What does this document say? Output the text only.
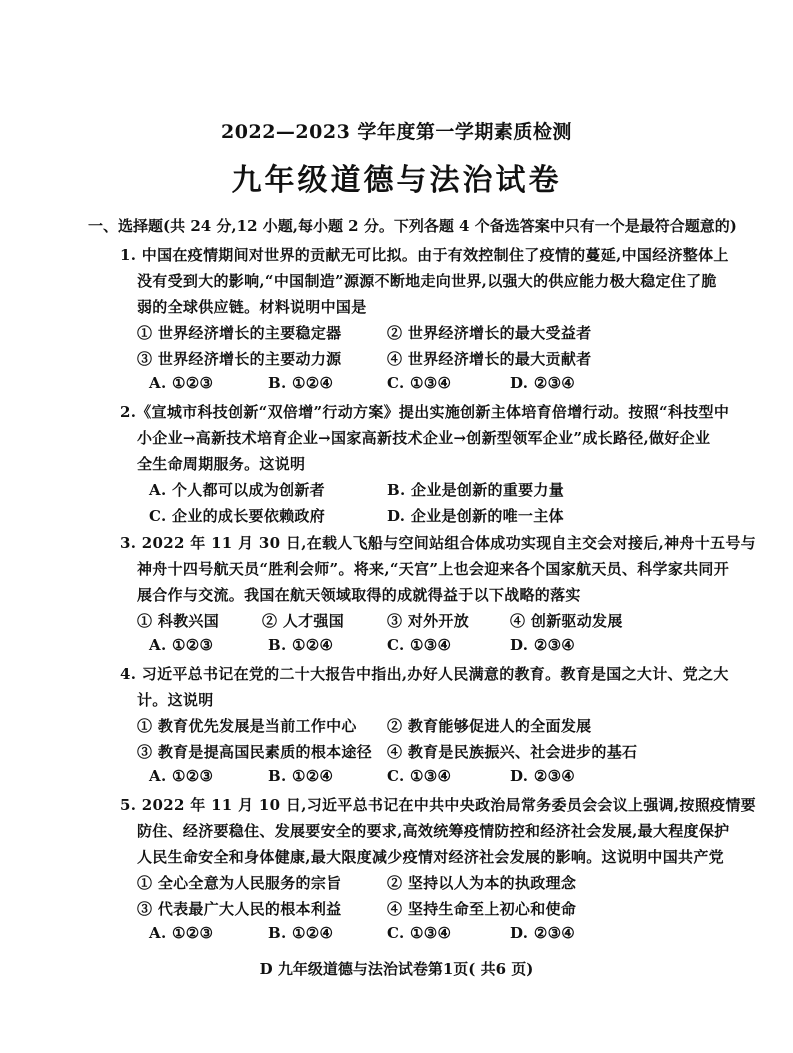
2022—2023 学年度第一学期素质检测
九年级道德与法治试卷
一、选择题(共 24 分,12 小题,每小题 2 分。下列各题 4 个备选答案中只有一个是最符合题意的)
1. 中国在疫情期间对世界的贡献无可比拟。由于有效控制住了疫情的蔓延,中国经济整体上
没有受到大的影响,“中国制造”源源不断地走向世界,以强大的供应能力极大稳定住了脆
弱的全球供应链。材料说明中国是
① 世界经济增长的主要稳定器	② 世界经济增长的最大受益者
③ 世界经济增长的主要动力源	④ 世界经济增长的最大贡献者
A. ①②③	B. ①②④	C. ①③④	D. ②③④
2.《宣城市科技创新“双倍增”行动方案》提出实施创新主体培育倍增行动。按照“科技型中
小企业→高新技术培育企业→国家高新技术企业→创新型领军企业”成长路径,做好企业
全生命周期服务。这说明
A. 个人都可以成为创新者	B. 企业是创新的重要力量
C. 企业的成长要依赖政府	D. 企业是创新的唯一主体
3. 2022 年 11 月 30 日,在载人飞船与空间站组合体成功实现自主交会对接后,神舟十五号与
神舟十四号航天员“胜利会师”。将来,“天宫”上也会迎来各个国家航天员、科学家共同开
展合作与交流。我国在航天领域取得的成就得益于以下战略的落实
① 科教兴国	② 人才强国	③ 对外开放	④ 创新驱动发展
A. ①②③	B. ①②④	C. ①③④	D. ②③④
4. 习近平总书记在党的二十大报告中指出,办好人民满意的教育。教育是国之大计、党之大
计。这说明
① 教育优先发展是当前工作中心 ② 教育能够促进人的全面发展
③ 教育是提高国民素质的根本途径 ④ 教育是民族振兴、社会进步的基石
A. ①②③	B. ①②④	C. ①③④	D. ②③④
5. 2022 年 11 月 10 日,习近平总书记在中共中央政治局常务委员会会议上强调,按照疫情要
防住、经济要稳住、发展要安全的要求,高效统筹疫情防控和经济社会发展,最大程度保护
人民生命安全和身体健康,最大限度减少疫情对经济社会发展的影响。这说明中国共产党
① 全心全意为人民服务的宗旨	② 坚持以人为本的执政理念
③ 代表最广大人民的根本利益	④ 坚持生命至上初心和使命
A. ①②③	B. ①②④	C. ①③④	D. ②③④
D 九年级道德与法治试卷第1页( 共6 页)
